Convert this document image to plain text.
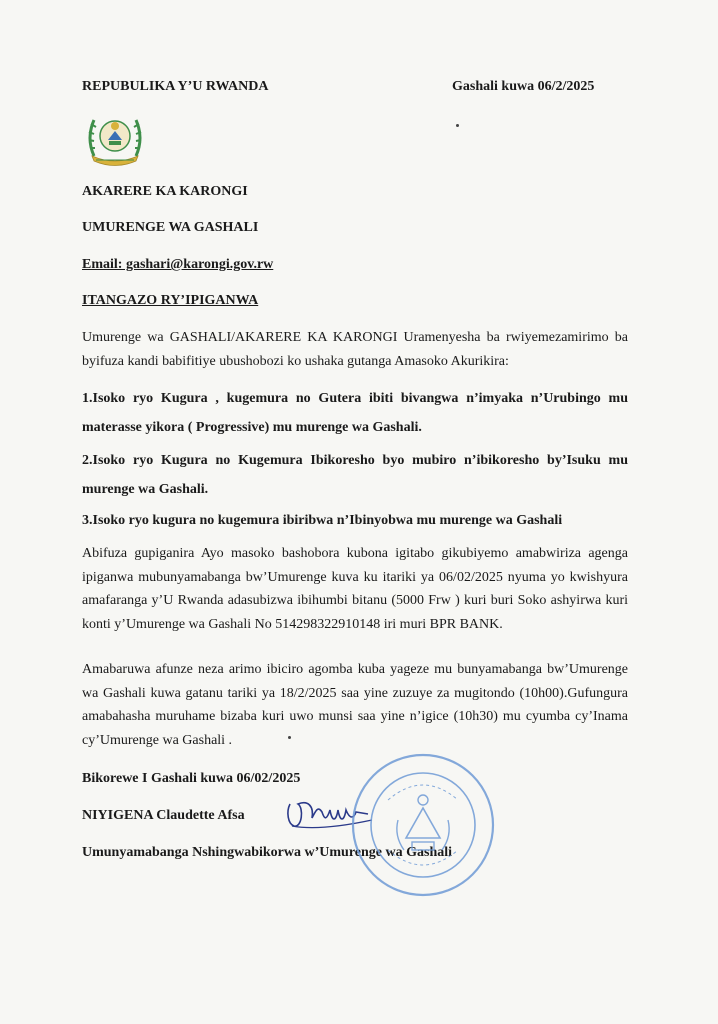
REPUBULIKA Y’U RWANDA	Gashali kuwa 06/2/2025

AKARERE KA KARONGI

UMURENGE WA GASHALI

Email: gashari@karongi.gov.rw

ITANGAZO RY’IPIGANWA

Umurenge wa GASHALI/AKARERE KA KARONGI Uramenyesha ba rwiyemezamirimo ba byifuza kandi babifitiye ubushobozi ko ushaka gutanga Amasoko Akurikira:

1.Isoko ryo Kugura , kugemura no Gutera ibiti bivangwa n’imyaka n’Urubingo mu materasse yikora ( Progressive) mu murenge wa Gashali.

2.Isoko ryo Kugura no Kugemura Ibikoresho byo mubiro n’ibikoresho by’Isuku mu murenge wa Gashali.

3.Isoko ryo kugura no kugemura ibiribwa n’Ibinyobwa mu murenge wa Gashali

Abifuza gupiganira Ayo masoko bashobora kubona igitabo gikubiyemo amabwiriza agenga ipiganwa mubunyamabanga bw’Umurenge kuva ku itariki ya 06/02/2025 nyuma yo kwishyura amafaranga y’U Rwanda adasubizwa ibihumbi bitanu (5000 Frw ) kuri buri Soko ashyirwa kuri konti y’Umurenge wa Gashali No 514298322910148 iri muri BPR BANK.

Amabaruwa afunze neza arimo ibiciro agomba kuba yageze mu bunyamabanga bw’Umurenge wa Gashali kuwa gatanu tariki ya 18/2/2025 saa yine zuzuye za mugitondo (10h00).Gufungura amabahasha muruhame bizaba kuri uwo munsi saa yine n’igice (10h30) mu cyumba cy’Inama cy’Umurenge wa Gashali .

Bikorewe I Gashali kuwa 06/02/2025

NIYIGENA Claudette Afsa

Umunyamabanga Nshingwabikorwa w’Umurenge wa Gashali
